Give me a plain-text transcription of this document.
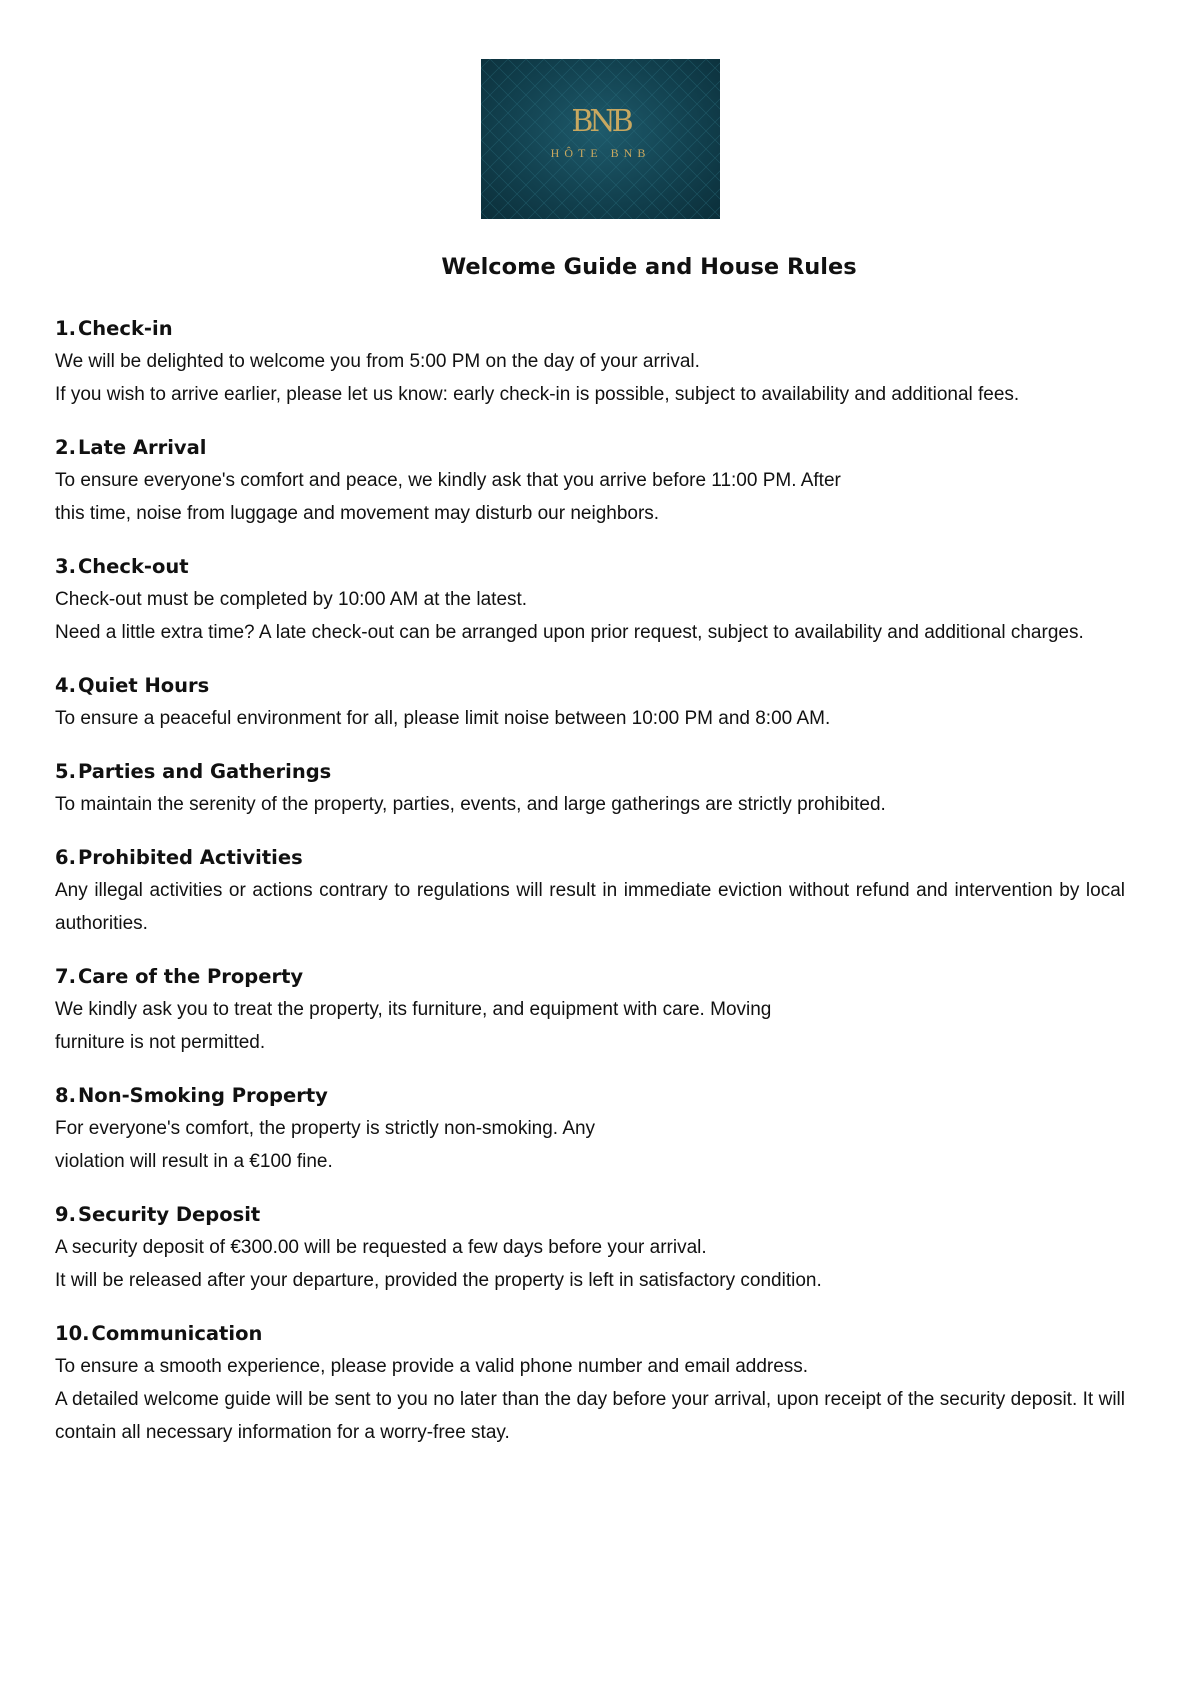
BNB
HÔTE BNB
Welcome Guide and House Rules
1. Check-in

We will be delighted to welcome you from 5:00 PM on the day of your arrival.

If you wish to arrive earlier, please let us know: early check-in is possible, subject to availability and additional fees.

2. Late Arrival

To ensure everyone's comfort and peace, we kindly ask that you arrive before 11:00 PM. After

this time, noise from luggage and movement may disturb our neighbors.

3. Check-out

Check-out must be completed by 10:00 AM at the latest.

Need a little extra time? A late check-out can be arranged upon prior request, subject to availability and additional charges.

4. Quiet Hours

To ensure a peaceful environment for all, please limit noise between 10:00 PM and 8:00 AM.

5. Parties and Gatherings

To maintain the serenity of the property, parties, events, and large gatherings are strictly prohibited.

6. Prohibited Activities

Any illegal activities or actions contrary to regulations will result in immediate eviction without refund and intervention by local authorities.

7. Care of the Property

We kindly ask you to treat the property, its furniture, and equipment with care. Moving

furniture is not permitted.

8. Non-Smoking Property

For everyone's comfort, the property is strictly non-smoking. Any

violation will result in a €100 fine.

9. Security Deposit

A security deposit of €300.00 will be requested a few days before your arrival.

It will be released after your departure, provided the property is left in satisfactory condition.

10. Communication

To ensure a smooth experience, please provide a valid phone number and email address.

A detailed welcome guide will be sent to you no later than the day before your arrival, upon receipt of the security deposit. It will contain all necessary information for a worry-free stay.
